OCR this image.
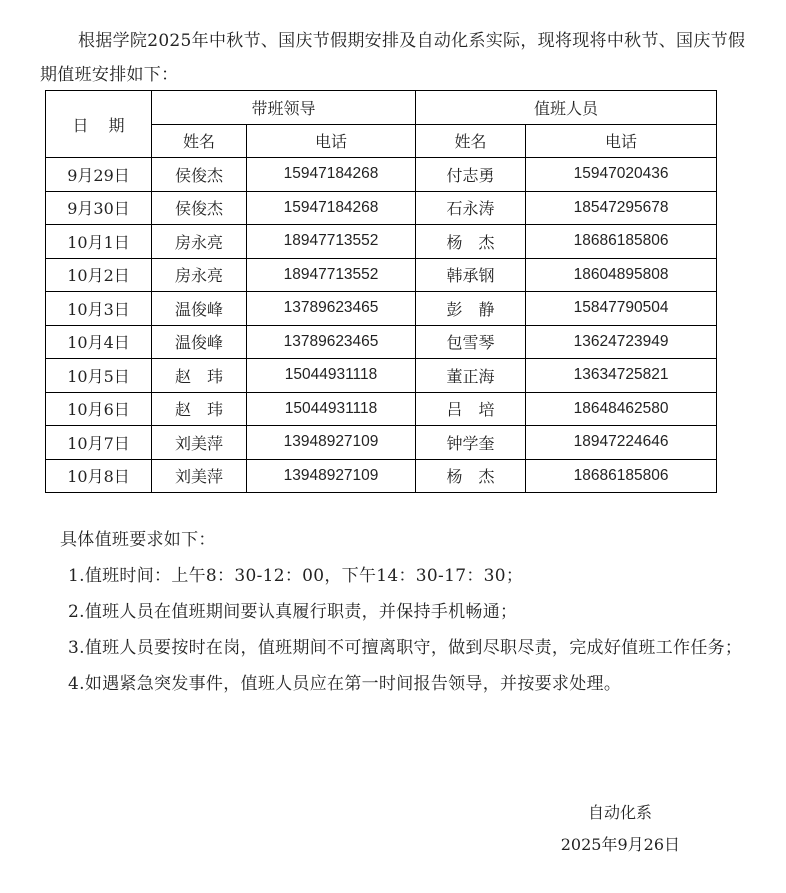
根据学院2025年中秋节、国庆节假期安排及自动化系实际，现将现将中秋节、国庆节假期值班安排如下：

日期	带班领导		值班人员	
	姓名	电话	姓名	电话
9月29日	侯俊杰	15947184268	付志勇	15947020436
9月30日	侯俊杰	15947184268	石永涛	18547295678
10月1日	房永亮	18947713552	杨　杰	18686185806
10月2日	房永亮	18947713552	韩承钢	18604895808
10月3日	温俊峰	13789623465	彭　静	15847790504
10月4日	温俊峰	13789623465	包雪琴	13624723949
10月5日	赵　玮	15044931118	董正海	13634725821
10月6日	赵　玮	15044931118	吕　培	18648462580
10月7日	刘美萍	13948927109	钟学奎	18947224646
10月8日	刘美萍	13948927109	杨　杰	18686185806

具体值班要求如下：

1.值班时间：上午8：30-12：00，下午14：30-17：30；

2.值班人员在值班期间要认真履行职责，并保持手机畅通；

3.值班人员要按时在岗，值班期间不可擅离职守，做到尽职尽责，完成好值班工作任务；

4.如遇紧急突发事件，值班人员应在第一时间报告领导，并按要求处理。

自动化系

2025年9月26日
